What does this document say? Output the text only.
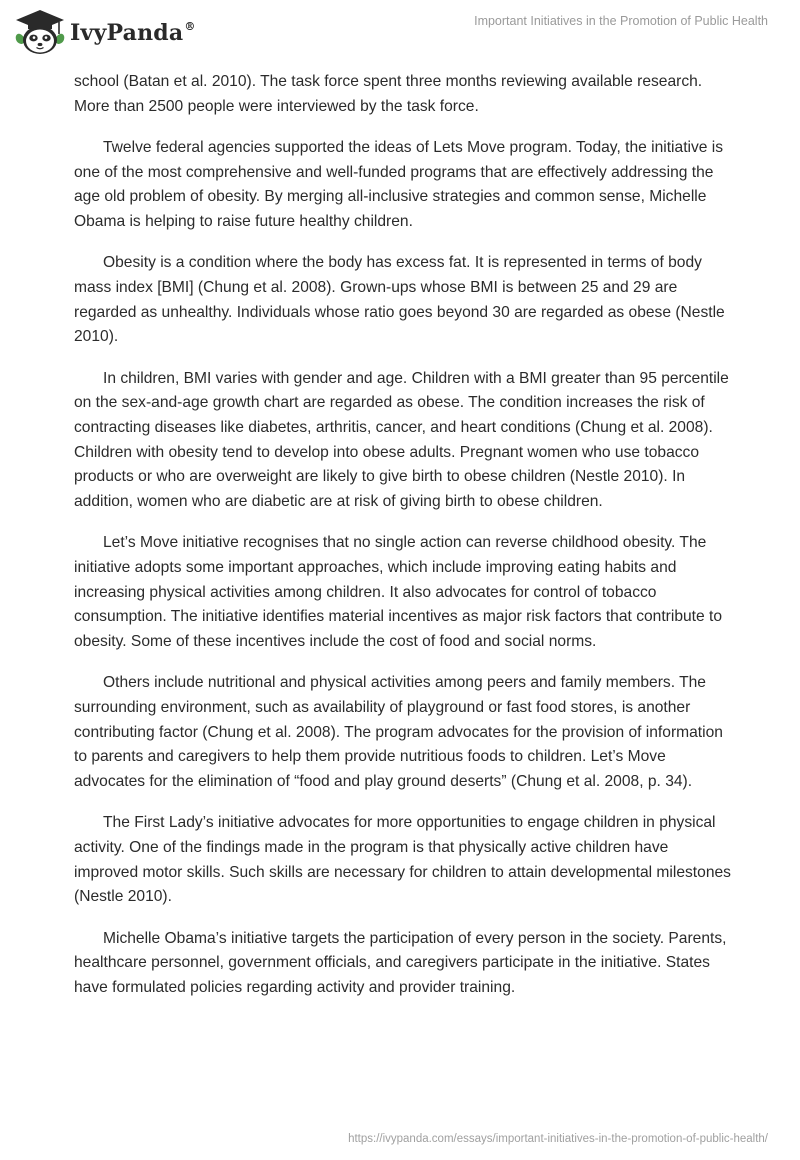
IvyPanda®	Important Initiatives in the Promotion of Public Health

school (Batan et al. 2010). The task force spent three months reviewing available research. More than 2500 people were interviewed by the task force.

Twelve federal agencies supported the ideas of Lets Move program. Today, the initiative is one of the most comprehensive and well-funded programs that are effectively addressing the age old problem of obesity. By merging all-inclusive strategies and common sense, Michelle Obama is helping to raise future healthy children.

Obesity is a condition where the body has excess fat. It is represented in terms of body mass index [BMI] (Chung et al. 2008). Grown-ups whose BMI is between 25 and 29 are regarded as unhealthy. Individuals whose ratio goes beyond 30 are regarded as obese (Nestle 2010).

In children, BMI varies with gender and age. Children with a BMI greater than 95 percentile on the sex-and-age growth chart are regarded as obese. The condition increases the risk of contracting diseases like diabetes, arthritis, cancer, and heart conditions (Chung et al. 2008). Children with obesity tend to develop into obese adults. Pregnant women who use tobacco products or who are overweight are likely to give birth to obese children (Nestle 2010). In addition, women who are diabetic are at risk of giving birth to obese children.

Let’s Move initiative recognises that no single action can reverse childhood obesity. The initiative adopts some important approaches, which include improving eating habits and increasing physical activities among children. It also advocates for control of tobacco consumption. The initiative identifies material incentives as major risk factors that contribute to obesity. Some of these incentives include the cost of food and social norms.

Others include nutritional and physical activities among peers and family members. The surrounding environment, such as availability of playground or fast food stores, is another contributing factor (Chung et al. 2008). The program advocates for the provision of information to parents and caregivers to help them provide nutritious foods to children. Let’s Move advocates for the elimination of “food and play ground deserts” (Chung et al. 2008, p. 34).

The First Lady’s initiative advocates for more opportunities to engage children in physical activity. One of the findings made in the program is that physically active children have improved motor skills. Such skills are necessary for children to attain developmental milestones (Nestle 2010).

Michelle Obama’s initiative targets the participation of every person in the society. Parents, healthcare personnel, government officials, and caregivers participate in the initiative. States have formulated policies regarding activity and provider training.

https://ivypanda.com/essays/important-initiatives-in-the-promotion-of-public-health/
